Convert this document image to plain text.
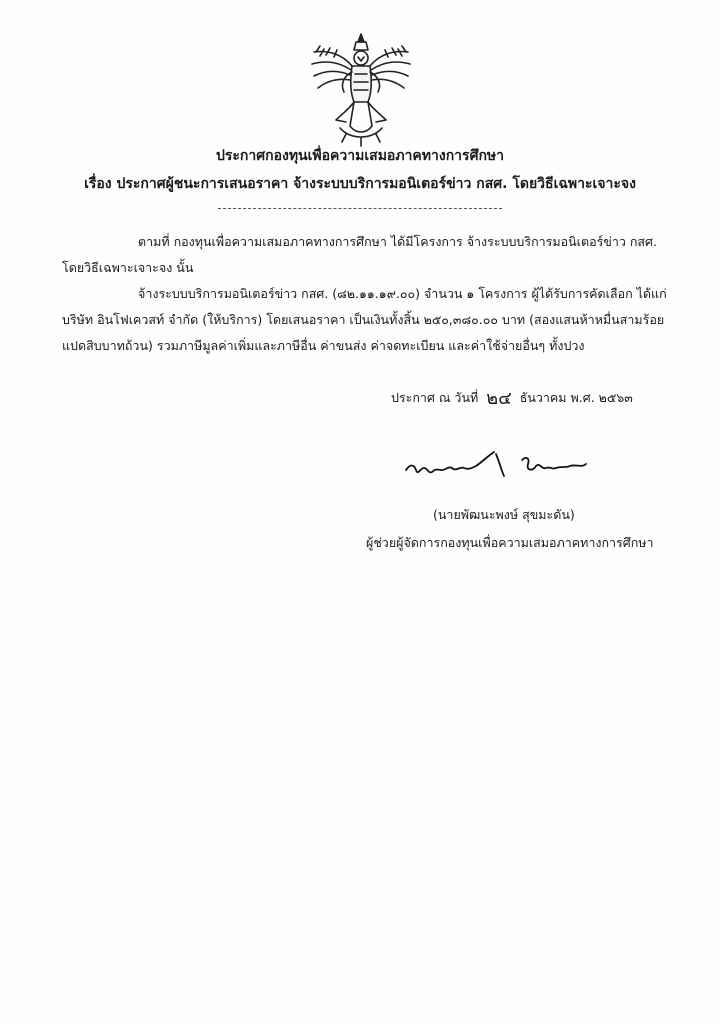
ประกาศกองทุนเพื่อความเสมอภาคทางการศึกษา
เรื่อง ประกาศผู้ชนะการเสนอราคา จ้างระบบบริการมอนิเตอร์ข่าว กสศ. โดยวิธีเฉพาะเจาะจง
ตามที่ กองทุนเพื่อความเสมอภาคทางการศึกษา ได้มีโครงการ จ้างระบบบริการมอนิเตอร์ข่าว กสศ.
โดยวิธีเฉพาะเจาะจง นั้น
จ้างระบบบริการมอนิเตอร์ข่าว กสศ. (๘๒.๑๑.๑๙.๐๐) จำนวน ๑ โครงการ ผู้ได้รับการคัดเลือก ได้แก่
บริษัท อินโฟเควสท์ จำกัด (ให้บริการ) โดยเสนอราคา เป็นเงินทั้งสิ้น ๒๕๐,๓๘๐.๐๐ บาท (สองแสนห้าหมื่นสามร้อย
แปดสิบบาทถ้วน) รวมภาษีมูลค่าเพิ่มและภาษีอื่น ค่าขนส่ง ค่าจดทะเบียน และค่าใช้จ่ายอื่นๆ ทั้งปวง
ประกาศ ณ วันที่ ๒๔ ธันวาคม พ.ศ. ๒๕๖๓
(นายพัฒนะพงษ์ สุขมะดัน)
ผู้ช่วยผู้จัดการกองทุนเพื่อความเสมอภาคทางการศึกษา
